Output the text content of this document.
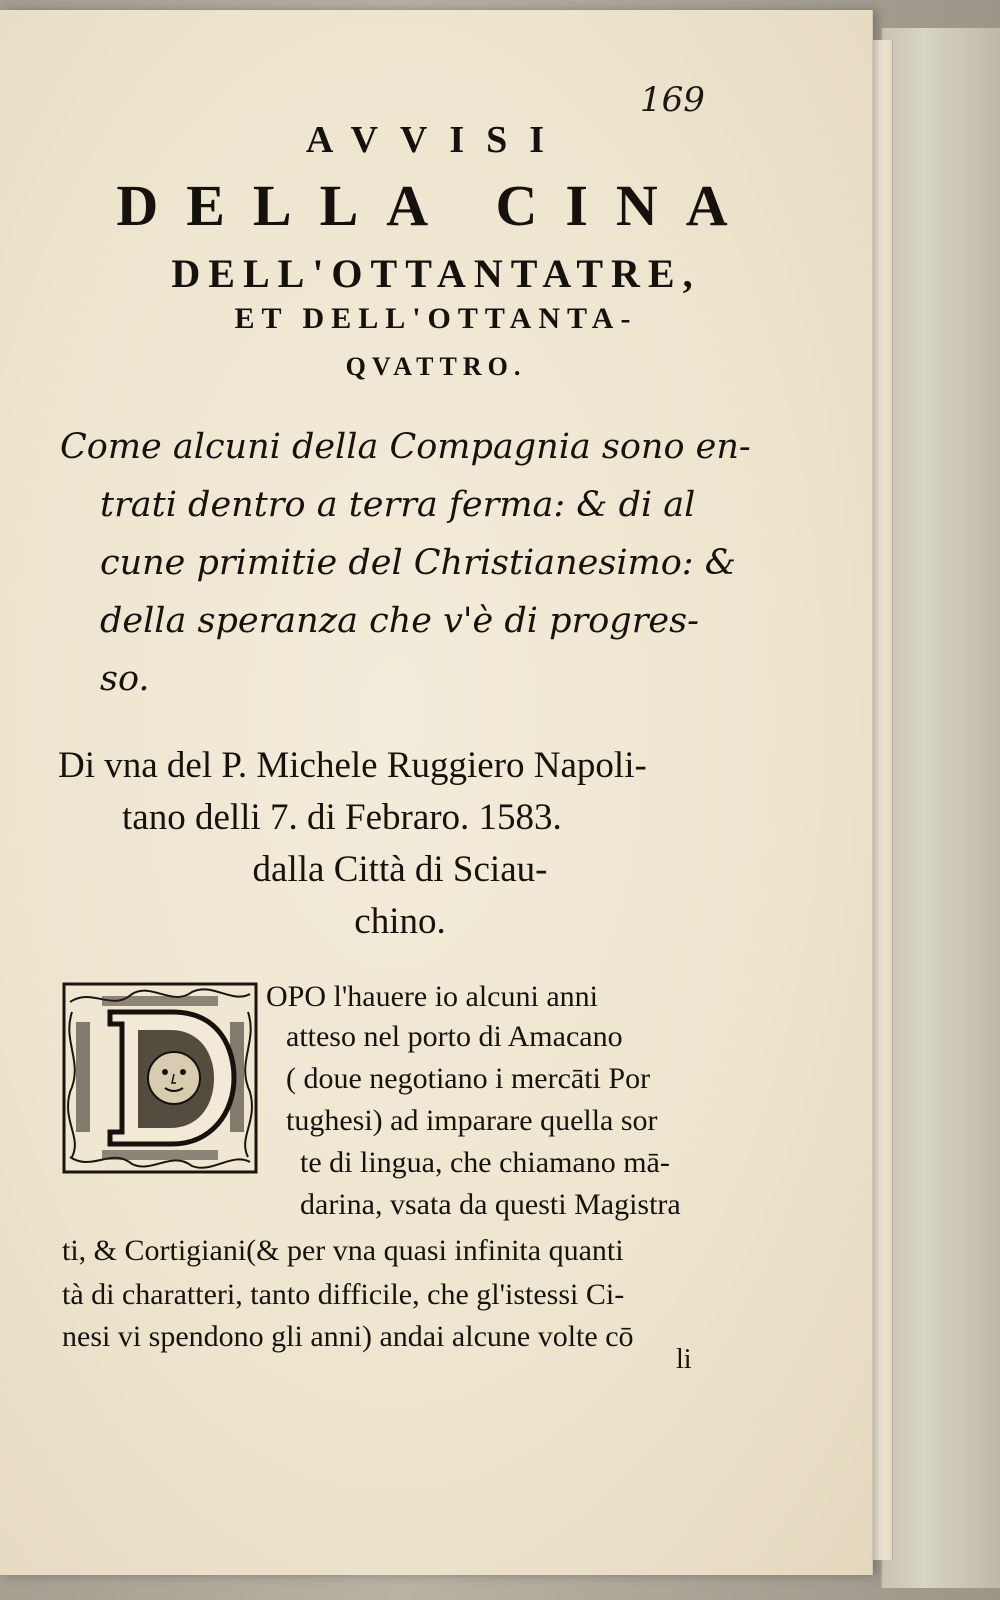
169
AVVISI
DELLA CINA
DELL'OTTANTATRE,
ET DELL'OTTANTA-
QVATTRO.
Come alcuni della Compagnia sono en-
trati dentro a terra ferma: & di al
cune primitie del Christianesimo: &
della speranza che v'è di progres-
so.
Di vna del P. Michele Ruggiero Napoli-
tano delli 7. di Febraro. 1583.
dalla Città di Sciau-
chino.
OPO l'hauere io alcuni anni
atteso nel porto di Amacano
( doue negotiano i mercāti Por
tughesi) ad imparare quella sor
te di lingua, che chiamano mā-
darina, vsata da questi Magistra
ti, & Cortigiani(& per vna quasi infinita quanti
tà di charatteri, tanto difficile, che gl'istessi Ci-
nesi vi spendono gli anni) andai alcune volte cō
li
